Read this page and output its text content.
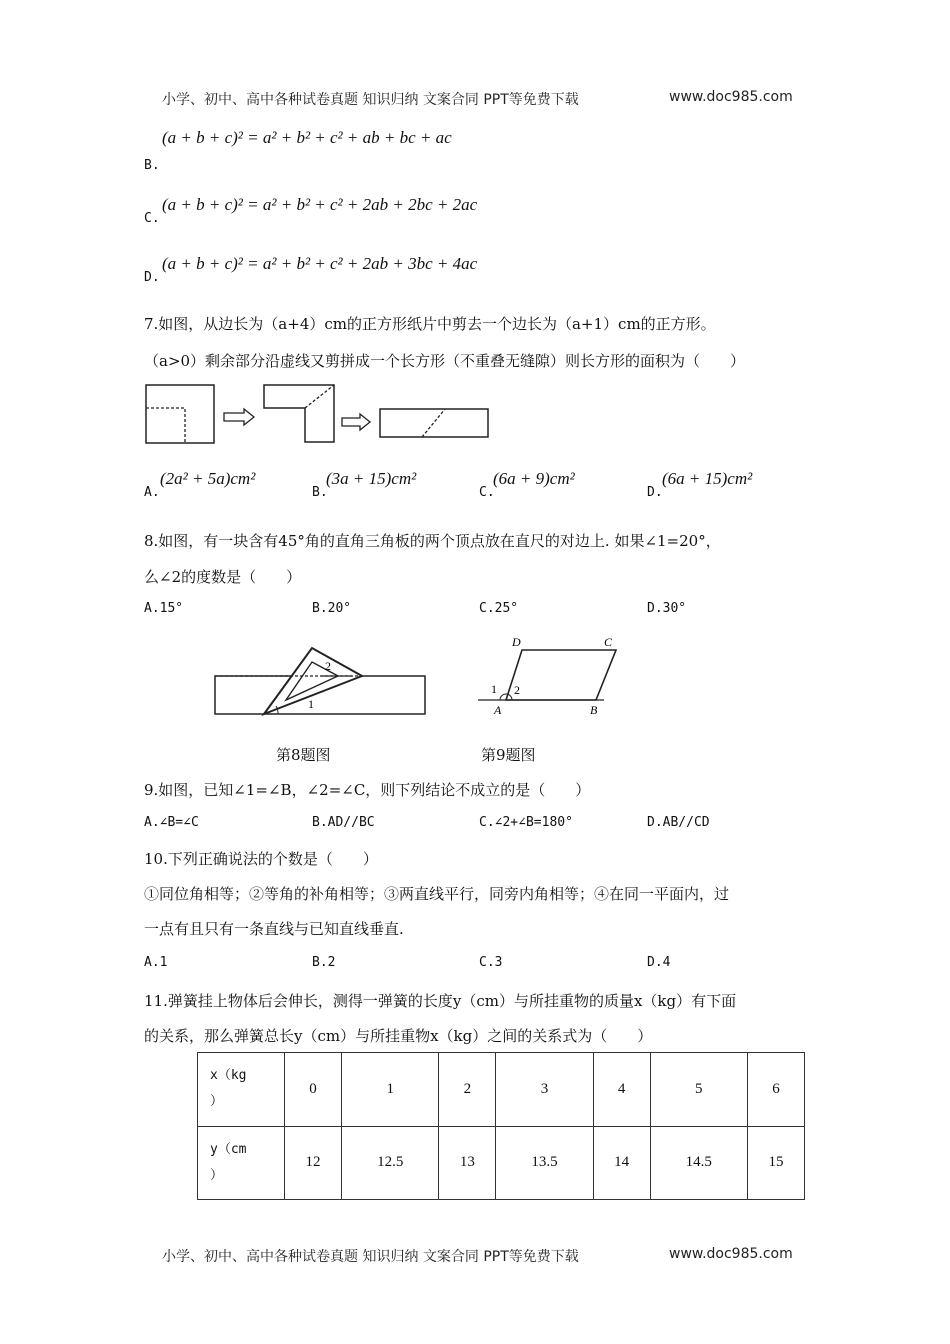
小学、初中、高中各种试卷真题 知识归纳 文案合同 PPT等免费下载	www.doc985.com
(a + b + c)² = a² + b² + c² + ab + bc + ac
B.
C.
(a + b + c)² = a² + b² + c² + 2ab + 2bc + 2ac
D.
(a + b + c)² = a² + b² + c² + 2ab + 3bc + 4ac
7.如图，从边长为（a+4）cm的正方形纸片中剪去一个边长为（a+1）cm的正方形。
（a>0）剩余部分沿虚线又剪拼成一个长方形（不重叠无缝隙）则长方形的面积为（　　）
A.
(2a² + 5a)cm²
B.
(3a + 15)cm²
C.
(6a + 9)cm²
D.
(6a + 15)cm²
8.如图，有一块含有45°角的直角三角板的两个顶点放在直尺的对边上. 如果∠1=20°，
么∠2的度数是（　　）
A.15°	B.20°	C.25°	D.30°
1
2
D	C
A	B
1 2
第8题图	第9题图
9.如图，已知∠1=∠B，∠2=∠C，则下列结论不成立的是（　　）
A.∠B=∠C	B.AD//BC	C.∠2+∠B=180°	D.AB//CD
10.下列正确说法的个数是（　　）
①同位角相等；②等角的补角相等；③两直线平行，同旁内角相等；④在同一平面内，过
一点有且只有一条直线与已知直线垂直.
A.1	B.2	C.3	D.4
11.弹簧挂上物体后会伸长，测得一弹簧的长度y（cm）与所挂重物的质量x（kg）有下面
的关系，那么弹簧总长y（cm）与所挂重物x（kg）之间的关系式为（　　）
x（kg
）	0	1	2	3	4	5	6
y（cm
）	12	12.5	13	13.5	14	14.5	15
小学、初中、高中各种试卷真题 知识归纳 文案合同 PPT等免费下载	www.doc985.com
